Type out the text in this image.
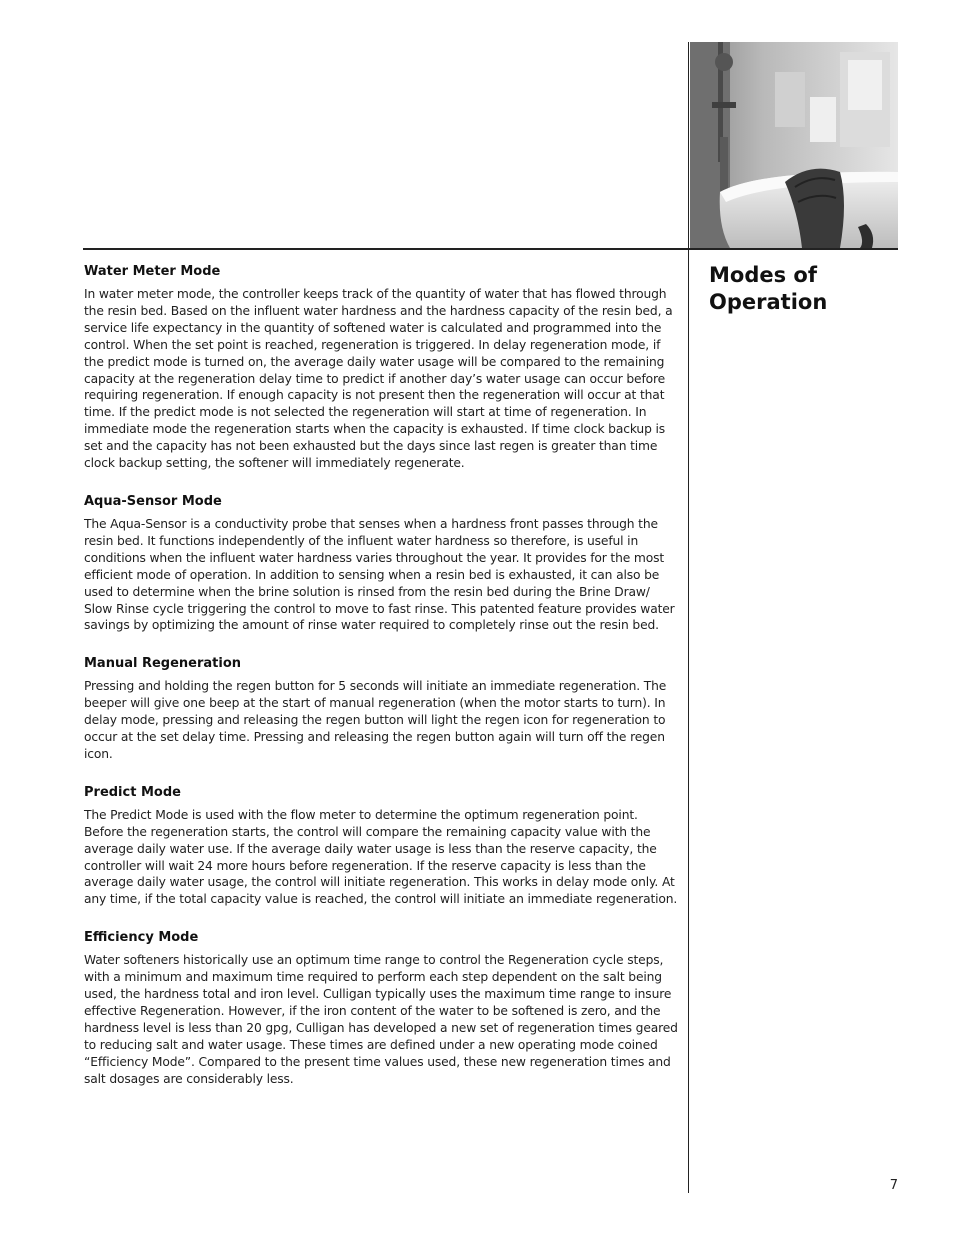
Modes of Operation
Water Meter Mode

In water meter mode, the controller keeps track of the quantity of water that has flowed through the resin bed. Based on the influent water hardness and the hardness capacity of the resin bed, a service life expectancy in the quantity of softened water is calculated and programmed into the control. When the set point is reached, regeneration is triggered. In delay regeneration mode, if the predict mode is turned on, the average daily water usage will be compared to the remaining capacity at the regeneration delay time to predict if another day’s water usage can occur before requiring regeneration. If enough capacity is not present then the regeneration will occur at that time. If the predict mode is not selected the regeneration will start at time of regeneration. In immediate mode the regeneration starts when the capacity is exhausted. If time clock backup is set and the capacity has not been exhausted but the days since last regen is greater than time clock backup setting, the softener will immediately regenerate.

Aqua-Sensor Mode

The Aqua-Sensor is a conductivity probe that senses when a hardness front passes through the resin bed. It functions independently of the influent water hardness so therefore, is useful in conditions when the influent water hardness varies throughout the year. It provides for the most efficient mode of operation. In addition to sensing when a resin bed is exhausted, it can also be used to determine when the brine solution is rinsed from the resin bed during the Brine Draw/ Slow Rinse cycle triggering the control to move to fast rinse. This patented feature provides water savings by optimizing the amount of rinse water required to completely rinse out the resin bed.

Manual Regeneration

Pressing and holding the regen button for 5 seconds will initiate an immediate regeneration. The beeper will give one beep at the start of manual regeneration (when the motor starts to turn). In delay mode, pressing and releasing the regen button will light the regen icon for regeneration to occur at the set delay time. Pressing and releasing the regen button again will turn off the regen icon.

Predict Mode

The Predict Mode is used with the flow meter to determine the optimum regeneration point. Before the regeneration starts, the control will compare the remaining capacity value with the average daily water use. If the average daily water usage is less than the reserve capacity, the controller will wait 24 more hours before regeneration. If the reserve capacity is less than the average daily water usage, the control will initiate regeneration. This works in delay mode only. At any time, if the total capacity value is reached, the control will initiate an immediate regeneration.

Efficiency Mode

Water softeners historically use an optimum time range to control the Regeneration cycle steps, with a minimum and maximum time required to perform each step dependent on the salt being used, the hardness total and iron level. Culligan typically uses the maximum time range to insure effective Regeneration. However, if the iron content of the water to be softened is zero, and the hardness level is less than 20 gpg, Culligan has developed a new set of regeneration times geared to reducing salt and water usage. These times are defined under a new operating mode coined “Efficiency Mode”. Compared to the present time values used, these new regeneration times and salt dosages are considerably less.

7
